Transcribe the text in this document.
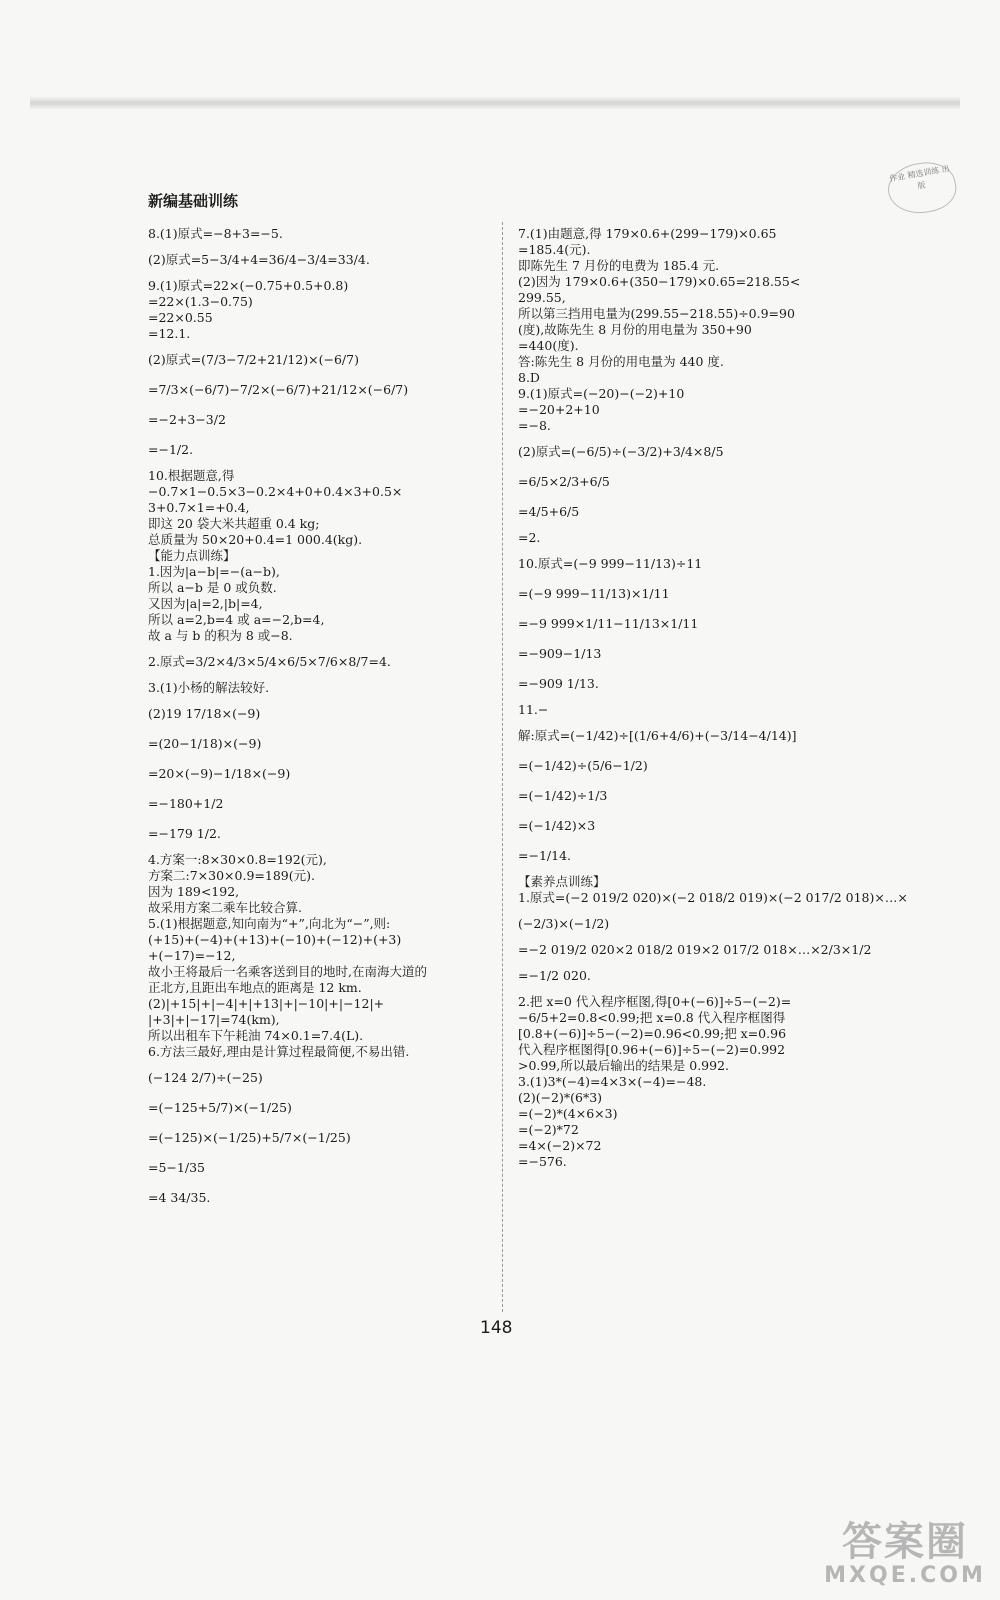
作业 精选训练 出版
新编基础训练

8.(1)原式=−8+3=−5.

(2)原式=5−3/4+4=36/4−3/4=33/4.

9.(1)原式=22×(−0.75+0.5+0.8)

=22×(1.3−0.75)

=22×0.55

=12.1.

(2)原式=(7/3−7/2+21/12)×(−6/7)

=7/3×(−6/7)−7/2×(−6/7)+21/12×(−6/7)

=−2+3−3/2

=−1/2.

10.根据题意,得

−0.7×1−0.5×3−0.2×4+0+0.4×3+0.5×

3+0.7×1=+0.4,

即这 20 袋大米共超重 0.4 kg;

总质量为 50×20+0.4=1 000.4(kg).

【能力点训练】

1.因为|a−b|=−(a−b),

所以 a−b 是 0 或负数.

又因为|a|=2,|b|=4,

所以 a=2,b=4 或 a=−2,b=4,

故 a 与 b 的积为 8 或−8.

2.原式=3/2×4/3×5/4×6/5×7/6×8/7=4.

3.(1)小杨的解法较好.

(2)19 17/18×(−9)

=(20−1/18)×(−9)

=20×(−9)−1/18×(−9)

=−180+1/2

=−179 1/2.

4.方案一:8×30×0.8=192(元),

方案二:7×30×0.9=189(元).

因为 189<192,

故采用方案二乘车比较合算.

5.(1)根据题意,知向南为“+”,向北为“−”,则:

(+15)+(−4)+(+13)+(−10)+(−12)+(+3)

+(−17)=−12,

故小王将最后一名乘客送到目的地时,在南海大道的

正北方,且距出车地点的距离是 12 km.

(2)|+15|+|−4|+|+13|+|−10|+|−12|+

|+3|+|−17|=74(km),

所以出租车下午耗油 74×0.1=7.4(L).

6.方法三最好,理由是计算过程最简便,不易出错.

(−124 2/7)÷(−25)

=(−125+5/7)×(−1/25)

=(−125)×(−1/25)+5/7×(−1/25)

=5−1/35

=4 34/35.

7.(1)由题意,得 179×0.6+(299−179)×0.65

=185.4(元).

即陈先生 7 月份的电费为 185.4 元.

(2)因为 179×0.6+(350−179)×0.65=218.55<

299.55,

所以第三挡用电量为(299.55−218.55)÷0.9=90

(度),故陈先生 8 月份的用电量为 350+90

=440(度).

答:陈先生 8 月份的用电量为 440 度.

8.D

9.(1)原式=(−20)−(−2)+10

=−20+2+10

=−8.

(2)原式=(−6/5)÷(−3/2)+3/4×8/5

=6/5×2/3+6/5

=4/5+6/5

=2.

10.原式=(−9 999−11/13)÷11

=(−9 999−11/13)×1/11

=−9 999×1/11−11/13×1/11

=−909−1/13

=−909 1/13.

11.−

解:原式=(−1/42)÷[(1/6+4/6)+(−3/14−4/14)]

=(−1/42)÷(5/6−1/2)

=(−1/42)÷1/3

=(−1/42)×3

=−1/14.

【素养点训练】

1.原式=(−2 019/2 020)×(−2 018/2 019)×(−2 017/2 018)×…×

(−2/3)×(−1/2)

=−2 019/2 020×2 018/2 019×2 017/2 018×…×2/3×1/2

=−1/2 020.

2.把 x=0 代入程序框图,得[0+(−6)]÷5−(−2)=

−6/5+2=0.8<0.99;把 x=0.8 代入程序框图得

[0.8+(−6)]÷5−(−2)=0.96<0.99;把 x=0.96

代入程序框图得[0.96+(−6)]÷5−(−2)=0.992

>0.99,所以最后输出的结果是 0.992.

3.(1)3*(−4)=4×3×(−4)=−48.

(2)(−2)*(6*3)

=(−2)*(4×6×3)

=(−2)*72

=4×(−2)×72

=−576.

148
答案圈
MXQE.COM
